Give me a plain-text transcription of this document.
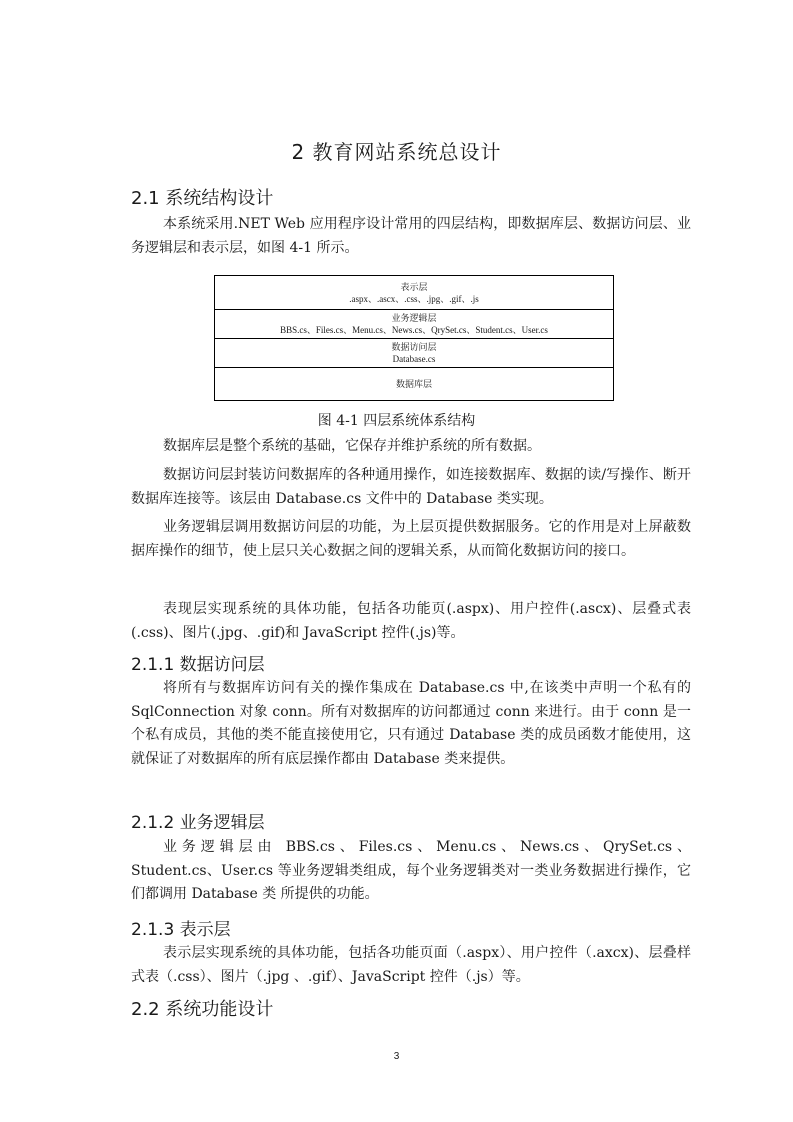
2 教育网站系统总设计
2.1 系统结构设计

本系统采用.NET Web 应用程序设计常用的四层结构，即数据库层、数据访问层、业务逻辑层和表示层，如图 4-1 所示。

表示层
.aspx、.ascx、.css、.jpg、.gif、.js
业务逻辑层
BBS.cs、Files.cs、Menu.cs、News.cs、QrySet.cs、Student.cs、User.cs
数据访问层
Database.cs
数据库层

图 4-1 四层系统体系结构

数据库层是整个系统的基础，它保存并维护系统的所有数据。

数据访问层封装访问数据库的各种通用操作，如连接数据库、数据的读/写操作、断开数据库连接等。该层由 Database.cs 文件中的 Database 类实现。

业务逻辑层调用数据访问层的功能，为上层页提供数据服务。它的作用是对上屏蔽数据库操作的细节，使上层只关心数据之间的逻辑关系，从而简化数据访问的接口。

表现层实现系统的具体功能，包括各功能页(.aspx)、用户控件(.ascx)、层叠式表(.css)、图片(.jpg、.gif)和 JavaScript 控件(.js)等。

2.1.1 数据访问层

将所有与数据库访问有关的操作集成在 Database.cs 中,在该类中声明一个私有的 SqlConnection 对象 conn。所有对数据库的访问都通过 conn 来进行。由于 conn 是一个私有成员，其他的类不能直接使用它，只有通过 Database 类的成员函数才能使用，这就保证了对数据库的所有底层操作都由 Database 类来提供。

2.1.2 业务逻辑层

业务逻辑层由 BBS.cs、Files.cs、Menu.cs、News.cs、QrySet.cs、Student.cs、User.cs 等业务逻辑类组成，每个业务逻辑类对一类业务数据进行操作，它们都调用 Database 类 所提供的功能。

2.1.3 表示层

表示层实现系统的具体功能，包括各功能页面（.aspx）、用户控件（.axcx)、层叠样式表（.css）、图片（.jpg 、.gif）、JavaScript 控件（.js）等。

2.2 系统功能设计
3
